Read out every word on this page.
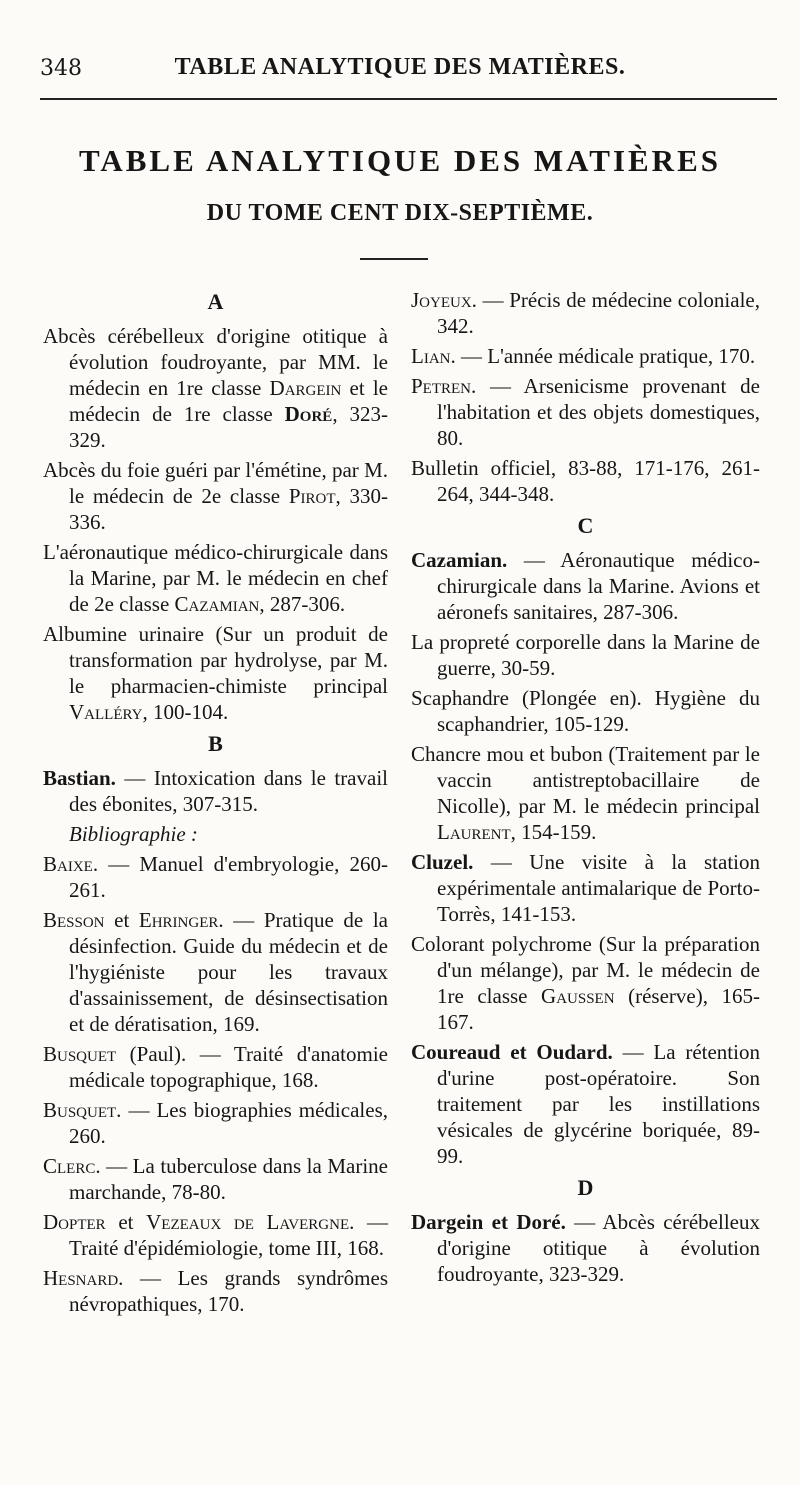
348	TABLE ANALYTIQUE DES MATIÈRES.
TABLE ANALYTIQUE DES MATIÈRES
DU TOME CENT DIX-SEPTIÈME.
A

Abcès cérébelleux d'origine otitique à évolution foudroyante, par MM. le médecin en 1re classe Dargein et le médecin de 1re classe Doré, 323-329.

Abcès du foie guéri par l'émétine, par M. le médecin de 2e classe Pirot, 330-336.

L'aéronautique médico-chirurgicale dans la Marine, par M. le médecin en chef de 2e classe Cazamian, 287-306.

Albumine urinaire (Sur un produit de transformation par hydrolyse, par M. le pharmacien-chimiste principal Valléry, 100-104.

B

Bastian. — Intoxication dans le travail des ébonites, 307-315.

Bibliographie :

Baixe. — Manuel d'embryologie, 260-261.

Besson et Ehringer. — Pratique de la désinfection. Guide du médecin et de l'hygiéniste pour les travaux d'assainissement, de désinsectisation et de dératisation, 169.

Busquet (Paul). — Traité d'anatomie médicale topographique, 168.

Busquet. — Les biographies médicales, 260.

Clerc. — La tuberculose dans la Marine marchande, 78-80.

Dopter et Vezeaux de Lavergne. — Traité d'épidémiologie, tome III, 168.

Hesnard. — Les grands syndrômes névropathiques, 170.

Joyeux. — Précis de médecine coloniale, 342.

Lian. — L'année médicale pratique, 170.

Petren. — Arsenicisme provenant de l'habitation et des objets domestiques, 80.

Bulletin officiel, 83-88, 171-176, 261-264, 344-348.

C

Cazamian. — Aéronautique médico-chirurgicale dans la Marine. Avions et aéronefs sanitaires, 287-306.

La propreté corporelle dans la Marine de guerre, 30-59.

Scaphandre (Plongée en). Hygiène du scaphandrier, 105-129.

Chancre mou et bubon (Traitement par le vaccin antistreptobacillaire de Nicolle), par M. le médecin principal Laurent, 154-159.

Cluzel. — Une visite à la station expérimentale antimalarique de Porto-Torrès, 141-153.

Colorant polychrome (Sur la préparation d'un mélange), par M. le médecin de 1re classe Gaussen (réserve), 165-167.

Coureaud et Oudard. — La rétention d'urine post-opératoire. Son traitement par les instillations vésicales de glycérine boriquée, 89-99.

D

Dargein et Doré. — Abcès cérébelleux d'origine otitique à évolution foudroyante, 323-329.
